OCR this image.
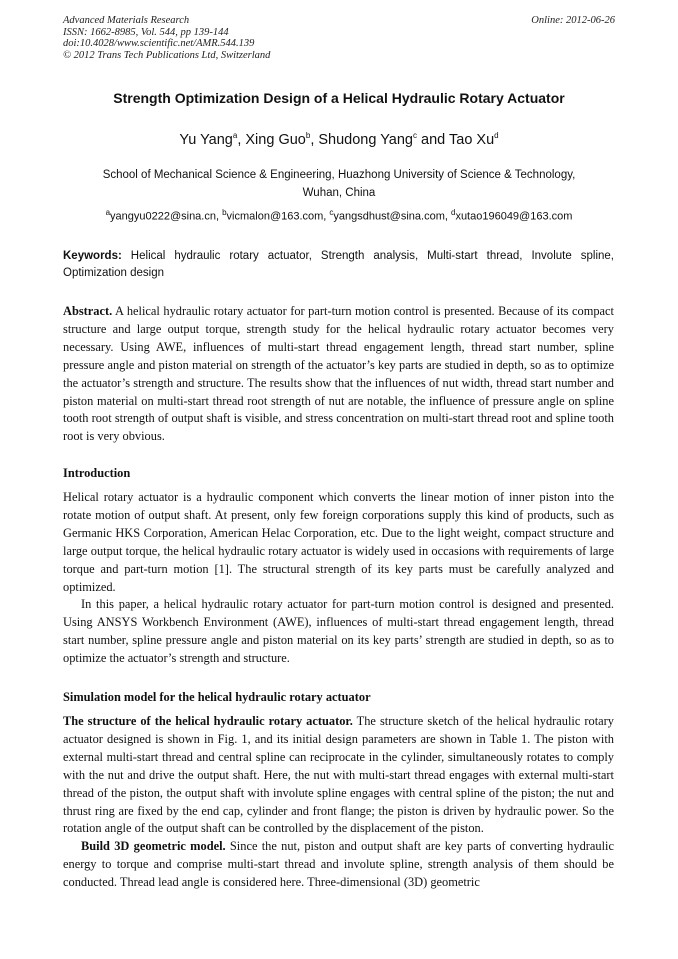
Advanced Materials Research
ISSN: 1662-8985, Vol. 544, pp 139-144
doi:10.4028/www.scientific.net/AMR.544.139
© 2012 Trans Tech Publications Ltd, Switzerland
Online: 2012-06-26
Strength Optimization Design of a Helical Hydraulic Rotary Actuator
Yu Yang$^a$, Xing Guo$^b$, Shudong Yang$^c$ and Tao Xu$^d$
School of Mechanical Science & Engineering, Huazhong University of Science & Technology,
Wuhan, China
$^a$yangyu0222@sina.cn, $^b$vicmalon@163.com, $^c$yangsdhust@sina.com, $^d$xutao196049@163.com
Keywords: Helical hydraulic rotary actuator, Strength analysis, Multi-start thread, Involute spline, Optimization design

Abstract. A helical hydraulic rotary actuator for part-turn motion control is presented. Because of its compact structure and large output torque, strength study for the helical hydraulic rotary actuator becomes very necessary. Using AWE, influences of multi-start thread engagement length, thread start number, spline pressure angle and piston material on strength of the actuator’s key parts are studied in depth, so as to optimize the actuator’s strength and structure. The results show that the influences of nut width, thread start number and piston material on multi-start thread root strength of nut are notable, the influence of pressure angle on spline tooth root strength of output shaft is visible, and stress concentration on multi-start thread root and spline tooth root is very obvious.

Introduction

Helical rotary actuator is a hydraulic component which converts the linear motion of inner piston into the rotate motion of output shaft. At present, only few foreign corporations supply this kind of products, such as Germanic HKS Corporation, American Helac Corporation, etc. Due to the light weight, compact structure and large output torque, the helical hydraulic rotary actuator is widely used in occasions with requirements of large torque and part-turn motion [1]. The structural strength of its key parts must be carefully analyzed and optimized.

In this paper, a helical hydraulic rotary actuator for part-turn motion control is designed and presented. Using ANSYS Workbench Environment (AWE), influences of multi-start thread engagement length, thread start number, spline pressure angle and piston material on its key parts’ strength are studied in depth, so as to optimize the actuator’s strength and structure.

Simulation model for the helical hydraulic rotary actuator

The structure of the helical hydraulic rotary actuator. The structure sketch of the helical hydraulic rotary actuator designed is shown in Fig. 1, and its initial design parameters are shown in Table 1. The piston with external multi-start thread and central spline can reciprocate in the cylinder, simultaneously rotates to comply with the nut and drive the output shaft. Here, the nut with multi-start thread engages with external multi-start thread of the piston, the output shaft with involute spline engages with central spline of the piston; the nut and thrust ring are fixed by the end cap, cylinder and front flange; the piston is driven by hydraulic power. So the rotation angle of the output shaft can be controlled by the displacement of the piston.

Build 3D geometric model. Since the nut, piston and output shaft are key parts of converting hydraulic energy to torque and comprise multi-start thread and involute spline, strength analysis of them should be conducted. Thread lead angle is considered here. Three-dimensional (3D) geometric
